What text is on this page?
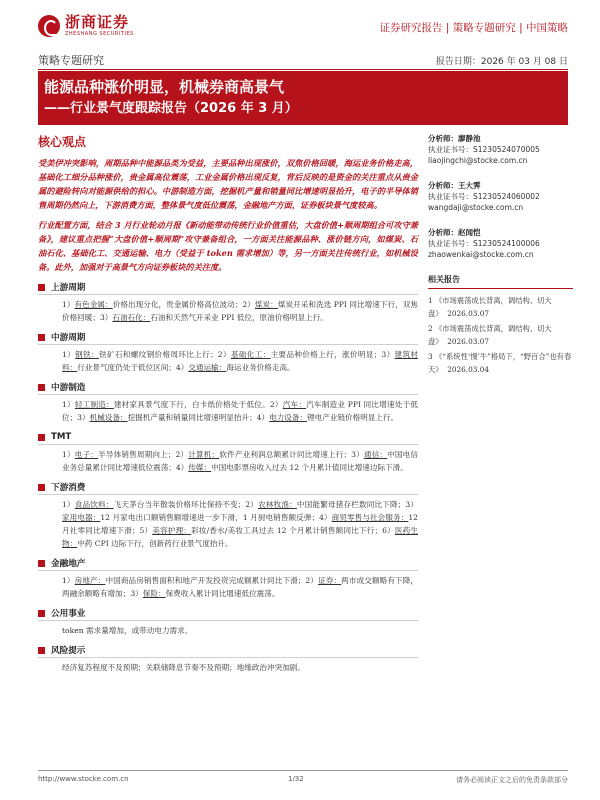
浙商证券
ZHESHANG SECURITIES	证券研究报告 | 策略专题研究 | 中国策略
策略专题研究	报告日期：2026 年 03 月 08 日
能源品种涨价明显，机械券商高景气
——行业景气度跟踪报告（2026 年 3 月）
核心观点
受美伊冲突影响，周期品种中能源品类为受益，主要品种出现涨价，双焦价格回暖，海运业务价格走高，基础化工细分品种涨价，贵金属高位震荡，工业金属价格出现反复，背后反映的是资金的关注重点从贵金属的避险转向对能源供给的担心。中游制造方面，挖掘机产量和销量同比增速明显抬升，电子的半导体销售周期仍然向上，下游消费方面，整体景气度低位震荡，金融地产方面，证券板块景气度较高。
行业配置方面，结合 3 月行业轮动月报《新动能带动传统行业价值重估，大盘价值+顺周期组合可攻守兼备》，建议重点把握“大盘价值+顺周期”攻守兼备组合，一方面关注能源品种、涨价链方向，如煤炭、石油石化、基础化工、交通运输、电力（受益于 token 需求增加）等，另一方面关注传统行业，如机械设备。此外，加强对于高景气方向证券板块的关注度。
上游周期
1）有色金属：价格出现分化，贵金属价格高位波动；2）煤炭：煤炭开采和洗选 PPI 同比增速下行，双焦价格回暖；3）石油石化：石油和天然气开采业 PPI 低位，原油价格明显上行。
中游周期
1）钢铁：铁矿石和螺纹钢价格周环比上行；2）基础化工：主要品种价格上行，涨价明显；3）建筑材料：行业景气度仍处于低位区间；4）交通运输：海运业务价格走高。
中游制造
1）轻工制造：建材家具景气度下行，白卡纸价格处于低位。2）汽车：汽车制造业 PPI 同比增速处于低位；3）机械设备：挖掘机产量和销量同比增速明显抬升；4）电力设备：锂电产业链价格明显上行。
TMT
1）电子：半导体销售周期向上；2）计算机：软件产业利润总额累计同比增速上行；3）通信：中国电信业务总量累计同比增速低位震荡；4）传媒：中国电影票房收入过去 12 个月累计值同比增速边际下滑。
下游消费
1）食品饮料：飞天茅台当年散装价格环比保持不变；2）农林牧渔：中国能繁母猪存栏数同比下降；3）家用电器：12 月家电出口额销售额增速进一步下滑，1 月厨电销售额反弹；4）商贸零售与社会服务：12 月社零同比增速下滑；5）美容护理：彩妆/香水/美妆工具过去 12 个月累计销售额同比下行；6）医药生物：中药 CPI 边际下行，创新药行业景气度抬升。
金融地产
1）房地产：中国商品房销售面积和地产开发投资完成额累计同比下滑；2）证券：两市成交额略有下降，两融余额略有增加；3）保险：保费收入累计同比增速低位震荡。
公用事业
token 需求量增加，或带动电力需求。
风险提示
经济复苏程度不及预期；关联储降息节奏不及预期；地缘政治冲突加剧。
分析师：廖静池
执业证书号：S1230524070005
liaojingchi@stocke.com.cn
分析师：王大霁
执业证书号：S1230524060002
wangdaji@stocke.com.cn
分析师：赵闻恺
执业证书号：S1230524100006
zhaowenkai@stocke.com.cn
相关报告
1 《市场震荡成长背离，调结构、切大盘》 2026.03.07
2 《市场震荡成长背离，调结构、切大盘》 2026.03.07
3 《“系统性‘慢’牛”格局下，“野百合”也有春天》 2026.03.04
http://www.stocke.com.cn	1/32	请务必阅读正文之后的免责条款部分
